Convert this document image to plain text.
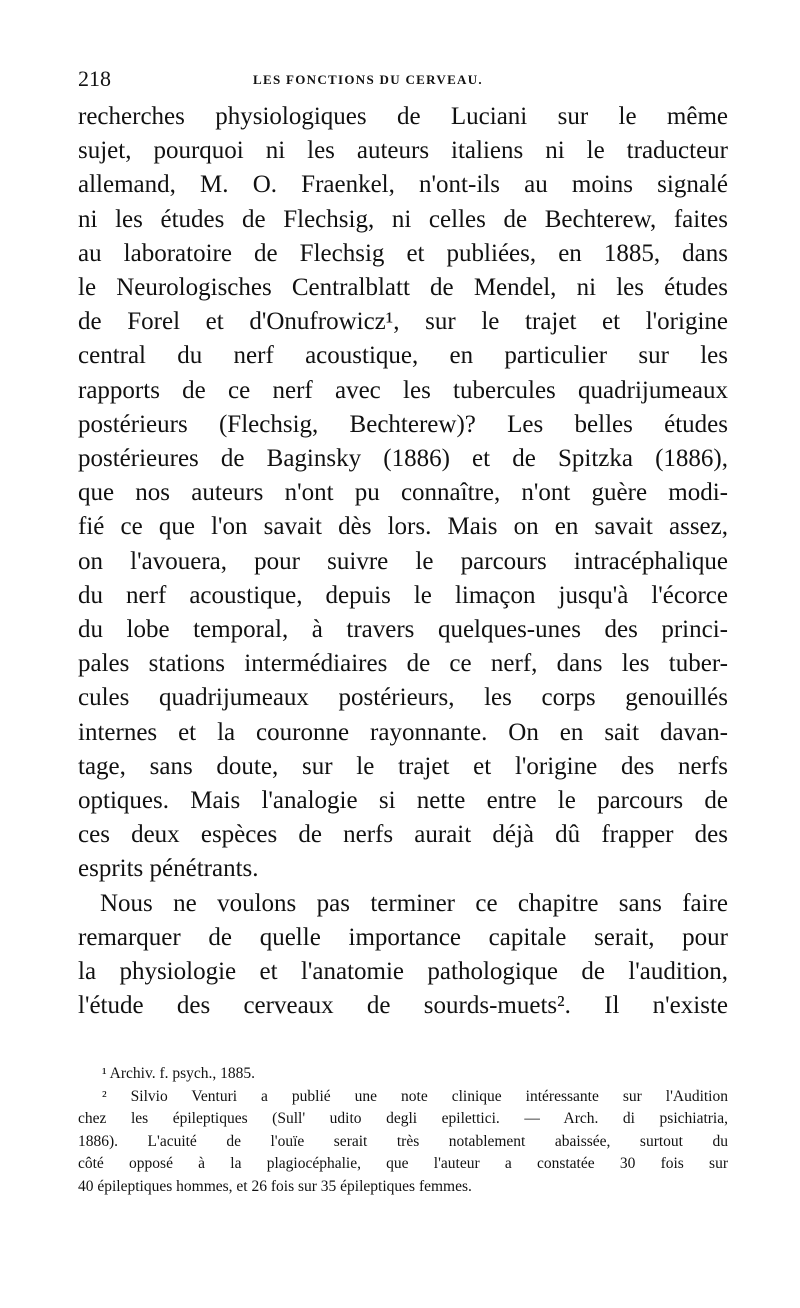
218	LES FONCTIONS DU CERVEAU.
recherches physiologiques de Luciani sur le même
sujet, pourquoi ni les auteurs italiens ni le traducteur
allemand, M. O. Fraenkel, n'ont-ils au moins signalé
ni les études de Flechsig, ni celles de Bechterew, faites
au laboratoire de Flechsig et publiées, en 1885, dans
le Neurologisches Centralblatt de Mendel, ni les études
de Forel et d'Onufrowicz¹, sur le trajet et l'origine
central du nerf acoustique, en particulier sur les
rapports de ce nerf avec les tubercules quadrijumeaux
postérieurs (Flechsig, Bechterew)? Les belles études
postérieures de Baginsky (1886) et de Spitzka (1886),
que nos auteurs n'ont pu connaître, n'ont guère modi-
fié ce que l'on savait dès lors. Mais on en savait assez,
on l'avouera, pour suivre le parcours intracéphalique
du nerf acoustique, depuis le limaçon jusqu'à l'écorce
du lobe temporal, à travers quelques-unes des princi-
pales stations intermédiaires de ce nerf, dans les tuber-
cules quadrijumeaux postérieurs, les corps genouillés
internes et la couronne rayonnante. On en sait davan-
tage, sans doute, sur le trajet et l'origine des nerfs
optiques. Mais l'analogie si nette entre le parcours de
ces deux espèces de nerfs aurait déjà dû frapper des
esprits pénétrants.
Nous ne voulons pas terminer ce chapitre sans faire
remarquer de quelle importance capitale serait, pour
la physiologie et l'anatomie pathologique de l'audition,
l'étude des cerveaux de sourds-muets². Il n'existe
¹ Archiv. f. psych., 1885.
² Silvio Venturi a publié une note clinique intéressante sur l'Audition
chez les épileptiques (Sull' udito degli epilettici. — Arch. di psichiatria,
1886). L'acuité de l'ouïe serait très notablement abaissée, surtout du
côté opposé à la plagiocéphalie, que l'auteur a constatée 30 fois sur
40 épileptiques hommes, et 26 fois sur 35 épileptiques femmes.
